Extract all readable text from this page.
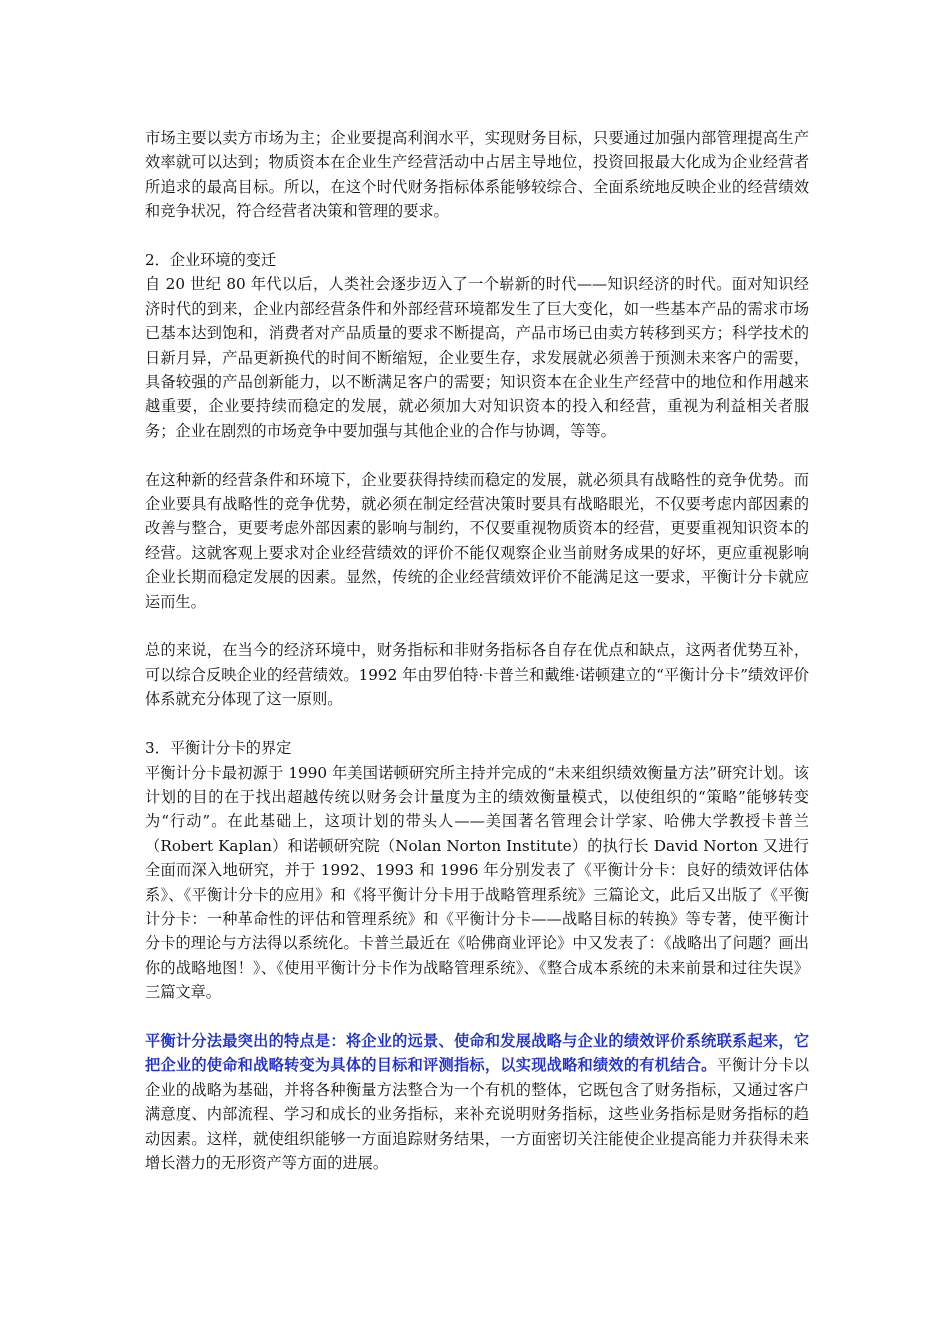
市场主要以卖方市场为主；企业要提高利润水平，实现财务目标，只要通过加强内部管理提高生产效率就可以达到；物质资本在企业生产经营活动中占居主导地位，投资回报最大化成为企业经营者所追求的最高目标。所以，在这个时代财务指标体系能够较综合、全面系统地反映企业的经营绩效和竞争状况，符合经营者决策和管理的要求。

2．企业环境的变迁

自 20 世纪 80 年代以后，人类社会逐步迈入了一个崭新的时代——知识经济的时代。面对知识经济时代的到来，企业内部经营条件和外部经营环境都发生了巨大变化，如一些基本产品的需求市场已基本达到饱和，消费者对产品质量的要求不断提高，产品市场已由卖方转移到买方；科学技术的日新月异，产品更新换代的时间不断缩短，企业要生存，求发展就必须善于预测未来客户的需要，具备较强的产品创新能力，以不断满足客户的需要；知识资本在企业生产经营中的地位和作用越来越重要，企业要持续而稳定的发展，就必须加大对知识资本的投入和经营，重视为利益相关者服务；企业在剧烈的市场竞争中要加强与其他企业的合作与协调，等等。

在这种新的经营条件和环境下，企业要获得持续而稳定的发展，就必须具有战略性的竞争优势。而企业要具有战略性的竞争优势，就必须在制定经营决策时要具有战略眼光，不仅要考虑内部因素的改善与整合，更要考虑外部因素的影响与制约，不仅要重视物质资本的经营，更要重视知识资本的经营。这就客观上要求对企业经营绩效的评价不能仅观察企业当前财务成果的好坏，更应重视影响企业长期而稳定发展的因素。显然，传统的企业经营绩效评价不能满足这一要求，平衡计分卡就应运而生。

总的来说，在当今的经济环境中，财务指标和非财务指标各自存在优点和缺点，这两者优势互补，可以综合反映企业的经营绩效。1992 年由罗伯特·卡普兰和戴维·诺顿建立的“平衡计分卡”绩效评价体系就充分体现了这一原则。

3．平衡计分卡的界定

平衡计分卡最初源于 1990 年美国诺顿研究所主持并完成的“未来组织绩效衡量方法”研究计划。该计划的目的在于找出超越传统以财务会计量度为主的绩效衡量模式，以使组织的“策略”能够转变为“行动”。在此基础上，这项计划的带头人——美国著名管理会计学家、哈佛大学教授卡普兰（Robert Kaplan）和诺顿研究院（Nolan Norton Institute）的执行长 David Norton 又进行全面而深入地研究，并于 1992、1993 和 1996 年分别发表了《平衡计分卡：良好的绩效评估体系》、《平衡计分卡的应用》和《将平衡计分卡用于战略管理系统》三篇论文，此后又出版了《平衡计分卡：一种革命性的评估和管理系统》和《平衡计分卡——战略目标的转换》等专著，使平衡计分卡的理论与方法得以系统化。卡普兰最近在《哈佛商业评论》中又发表了：《战略出了问题？画出你的战略地图！》、《使用平衡计分卡作为战略管理系统》、《整合成本系统的未来前景和过往失误》三篇文章。

平衡计分法最突出的特点是：将企业的远景、使命和发展战略与企业的绩效评价系统联系起来，它把企业的使命和战略转变为具体的目标和评测指标，以实现战略和绩效的有机结合。平衡计分卡以企业的战略为基础，并将各种衡量方法整合为一个有机的整体，它既包含了财务指标，又通过客户满意度、内部流程、学习和成长的业务指标，来补充说明财务指标，这些业务指标是财务指标的趋动因素。这样，就使组织能够一方面追踪财务结果，一方面密切关注能使企业提高能力并获得未来增长潜力的无形资产等方面的进展。
